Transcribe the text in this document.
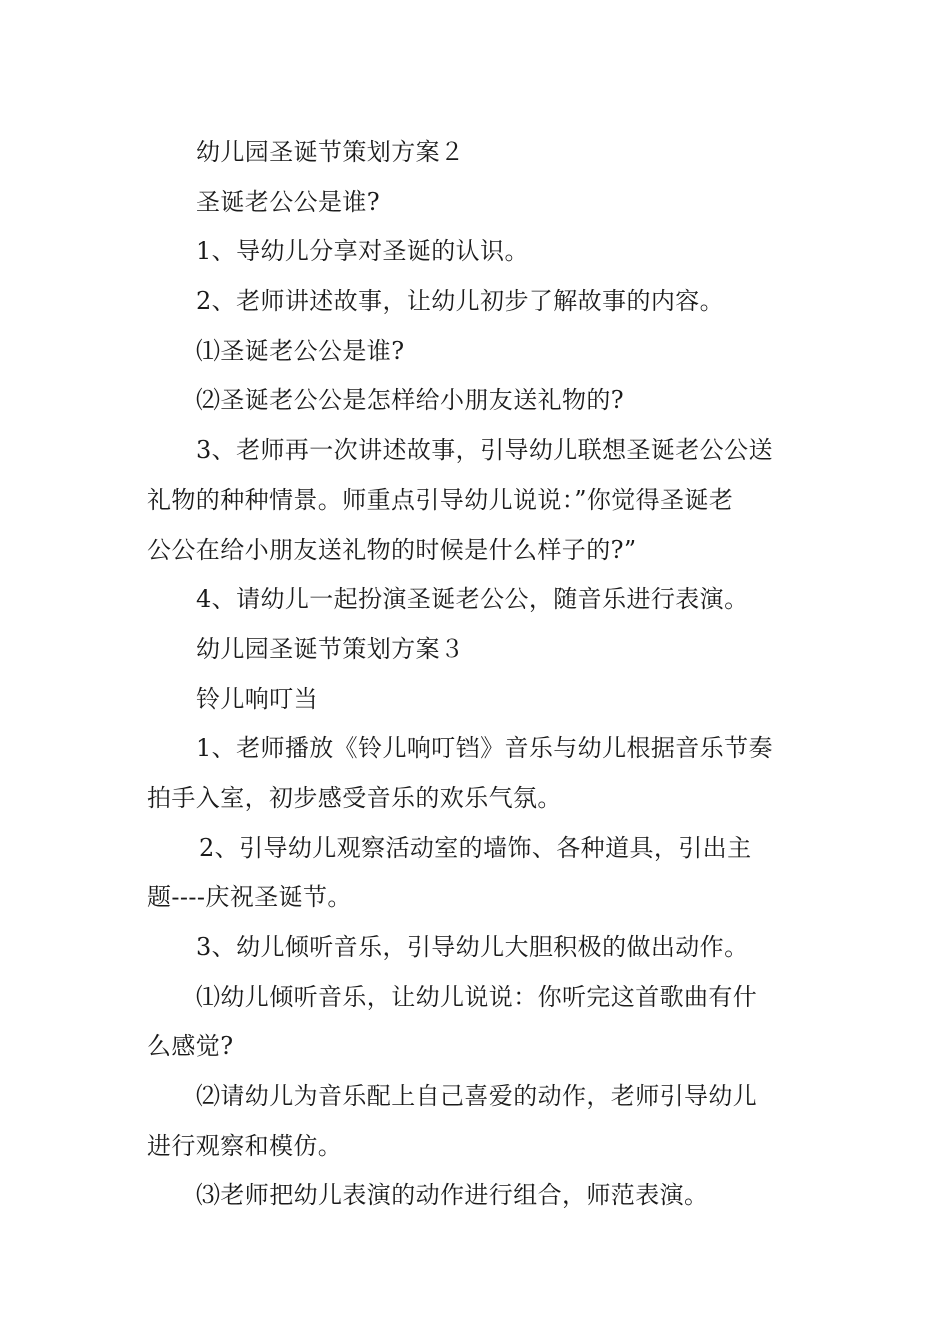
幼儿园圣诞节策划方案２
圣诞老公公是谁?
1、导幼儿分享对圣诞的认识。
2、老师讲述故事，让幼儿初步了解故事的内容。
⑴圣诞老公公是谁?
⑵圣诞老公公是怎样给小朋友送礼物的?
3、老师再一次讲述故事，引导幼儿联想圣诞老公公送
礼物的种种情景。师重点引导幼儿说说：”你觉得圣诞老
公公在给小朋友送礼物的时候是什么样子的?”
4、请幼儿一起扮演圣诞老公公，随音乐进行表演。
幼儿园圣诞节策划方案３
铃儿响叮当
1、老师播放《铃儿响叮铛》音乐与幼儿根据音乐节奏
拍手入室，初步感受音乐的欢乐气氛。
2、引导幼儿观察活动室的墙饰、各种道具，引出主
题----庆祝圣诞节。
3、幼儿倾听音乐，引导幼儿大胆积极的做出动作。
⑴幼儿倾听音乐，让幼儿说说：你听完这首歌曲有什
么感觉?
⑵请幼儿为音乐配上自己喜爱的动作，老师引导幼儿
进行观察和模仿。
⑶老师把幼儿表演的动作进行组合，师范表演。
